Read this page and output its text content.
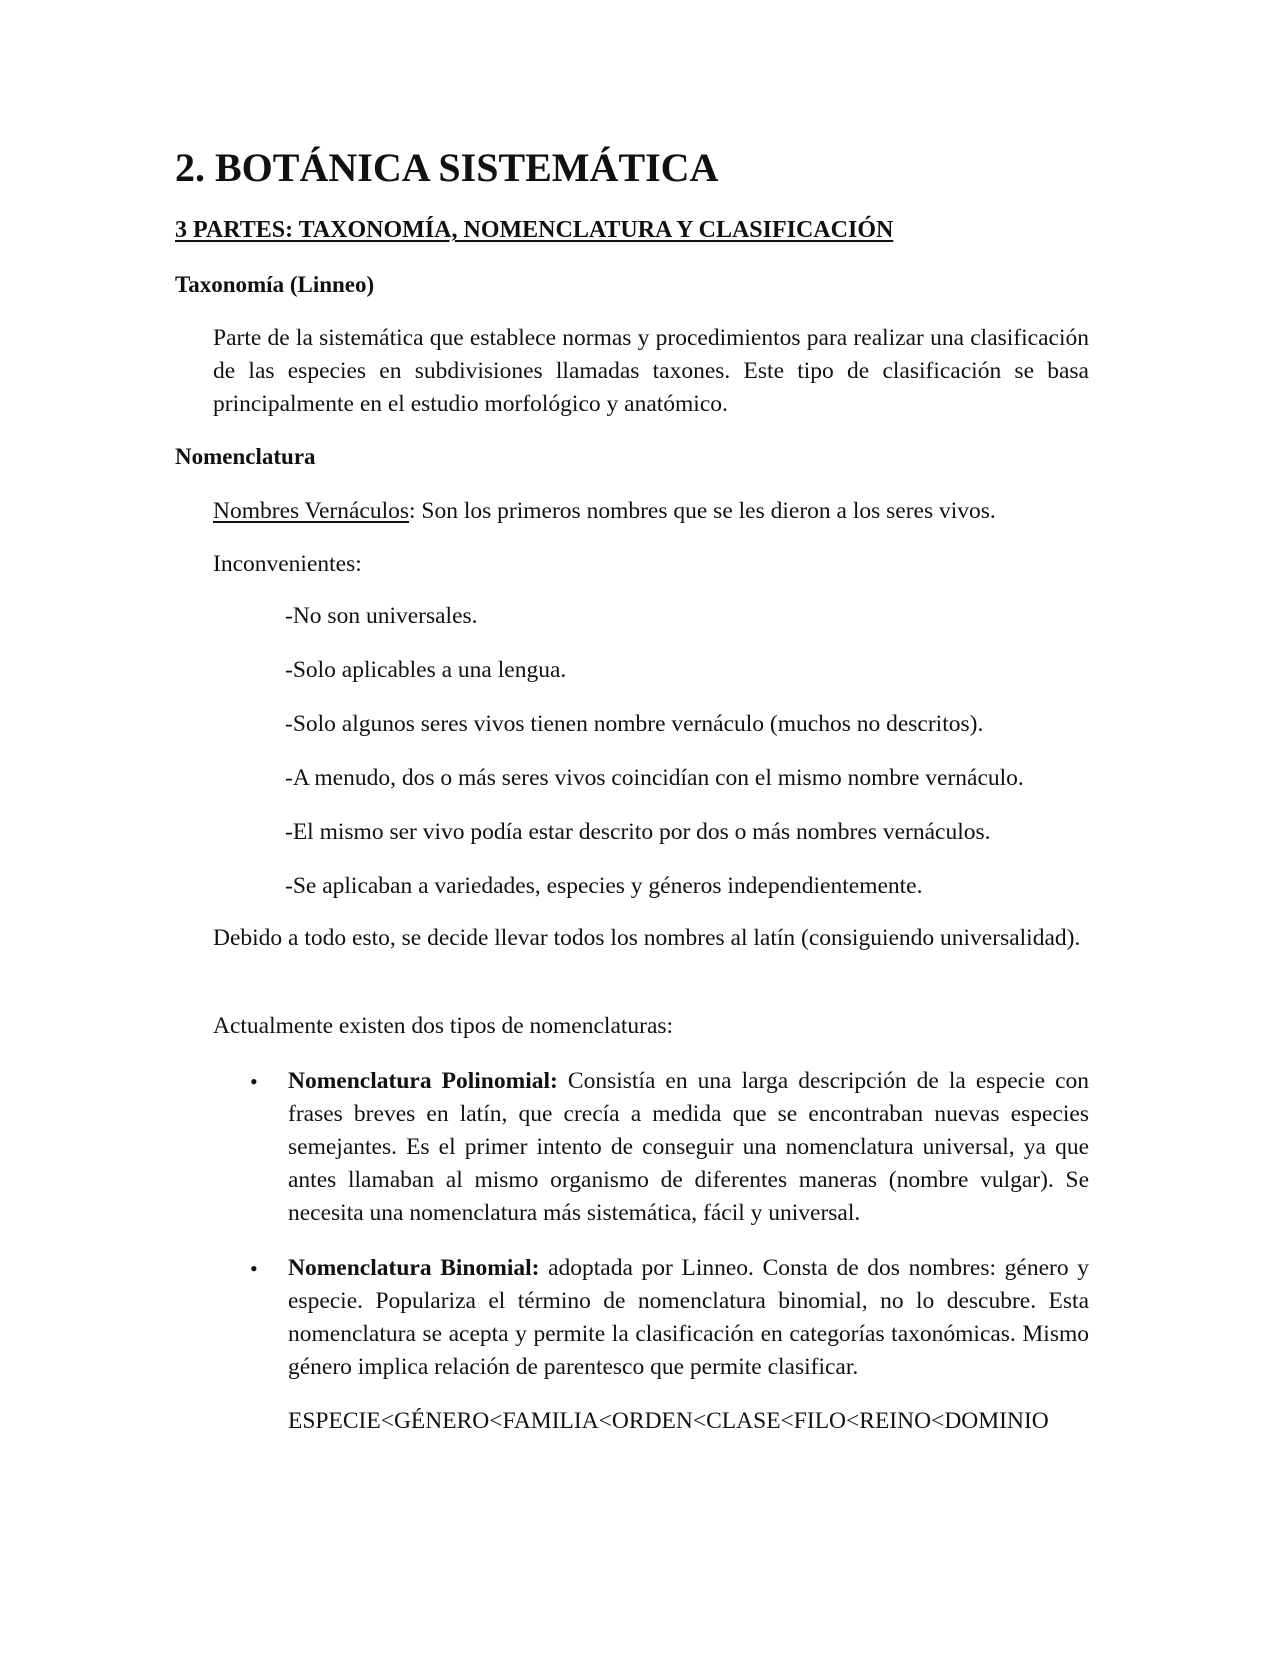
2. BOTÁNICA SISTEMÁTICA
3 PARTES: TAXONOMÍA, NOMENCLATURA Y CLASIFICACIÓN
Taxonomía (Linneo)

Parte de la sistemática que establece normas y procedimientos para realizar una clasificación de las especies en subdivisiones llamadas taxones. Este tipo de clasificación se basa principalmente en el estudio morfológico y anatómico.

Nomenclatura
Nombres Vernáculos: Son los primeros nombres que se les dieron a los seres vivos.
Inconvenientes:
-No son universales.
-Solo aplicables a una lengua.
-Solo algunos seres vivos tienen nombre vernáculo (muchos no descritos).
-A menudo, dos o más seres vivos coincidían con el mismo nombre vernáculo.
-El mismo ser vivo podía estar descrito por dos o más nombres vernáculos.
-Se aplicaban a variedades, especies y géneros independientemente.

Debido a todo esto, se decide llevar todos los nombres al latín (consiguiendo universalidad).

Actualmente existen dos tipos de nomenclaturas:
• Nomenclatura Polinomial: Consistía en una larga descripción de la especie con frases breves en latín, que crecía a medida que se encontraban nuevas especies semejantes. Es el primer intento de conseguir una nomenclatura universal, ya que antes llamaban al mismo organismo de diferentes maneras (nombre vulgar). Se necesita una nomenclatura más sistemática, fácil y universal.

• Nomenclatura Binomial: adoptada por Linneo. Consta de dos nombres: género y especie. Populariza el término de nomenclatura binomial, no lo descubre. Esta nomenclatura se acepta y permite la clasificación en categorías taxonómicas. Mismo género implica relación de parentesco que permite clasificar.

ESPECIE<GÉNERO<FAMILIA<ORDEN<CLASE<FILO<REINO<DOMINIO
